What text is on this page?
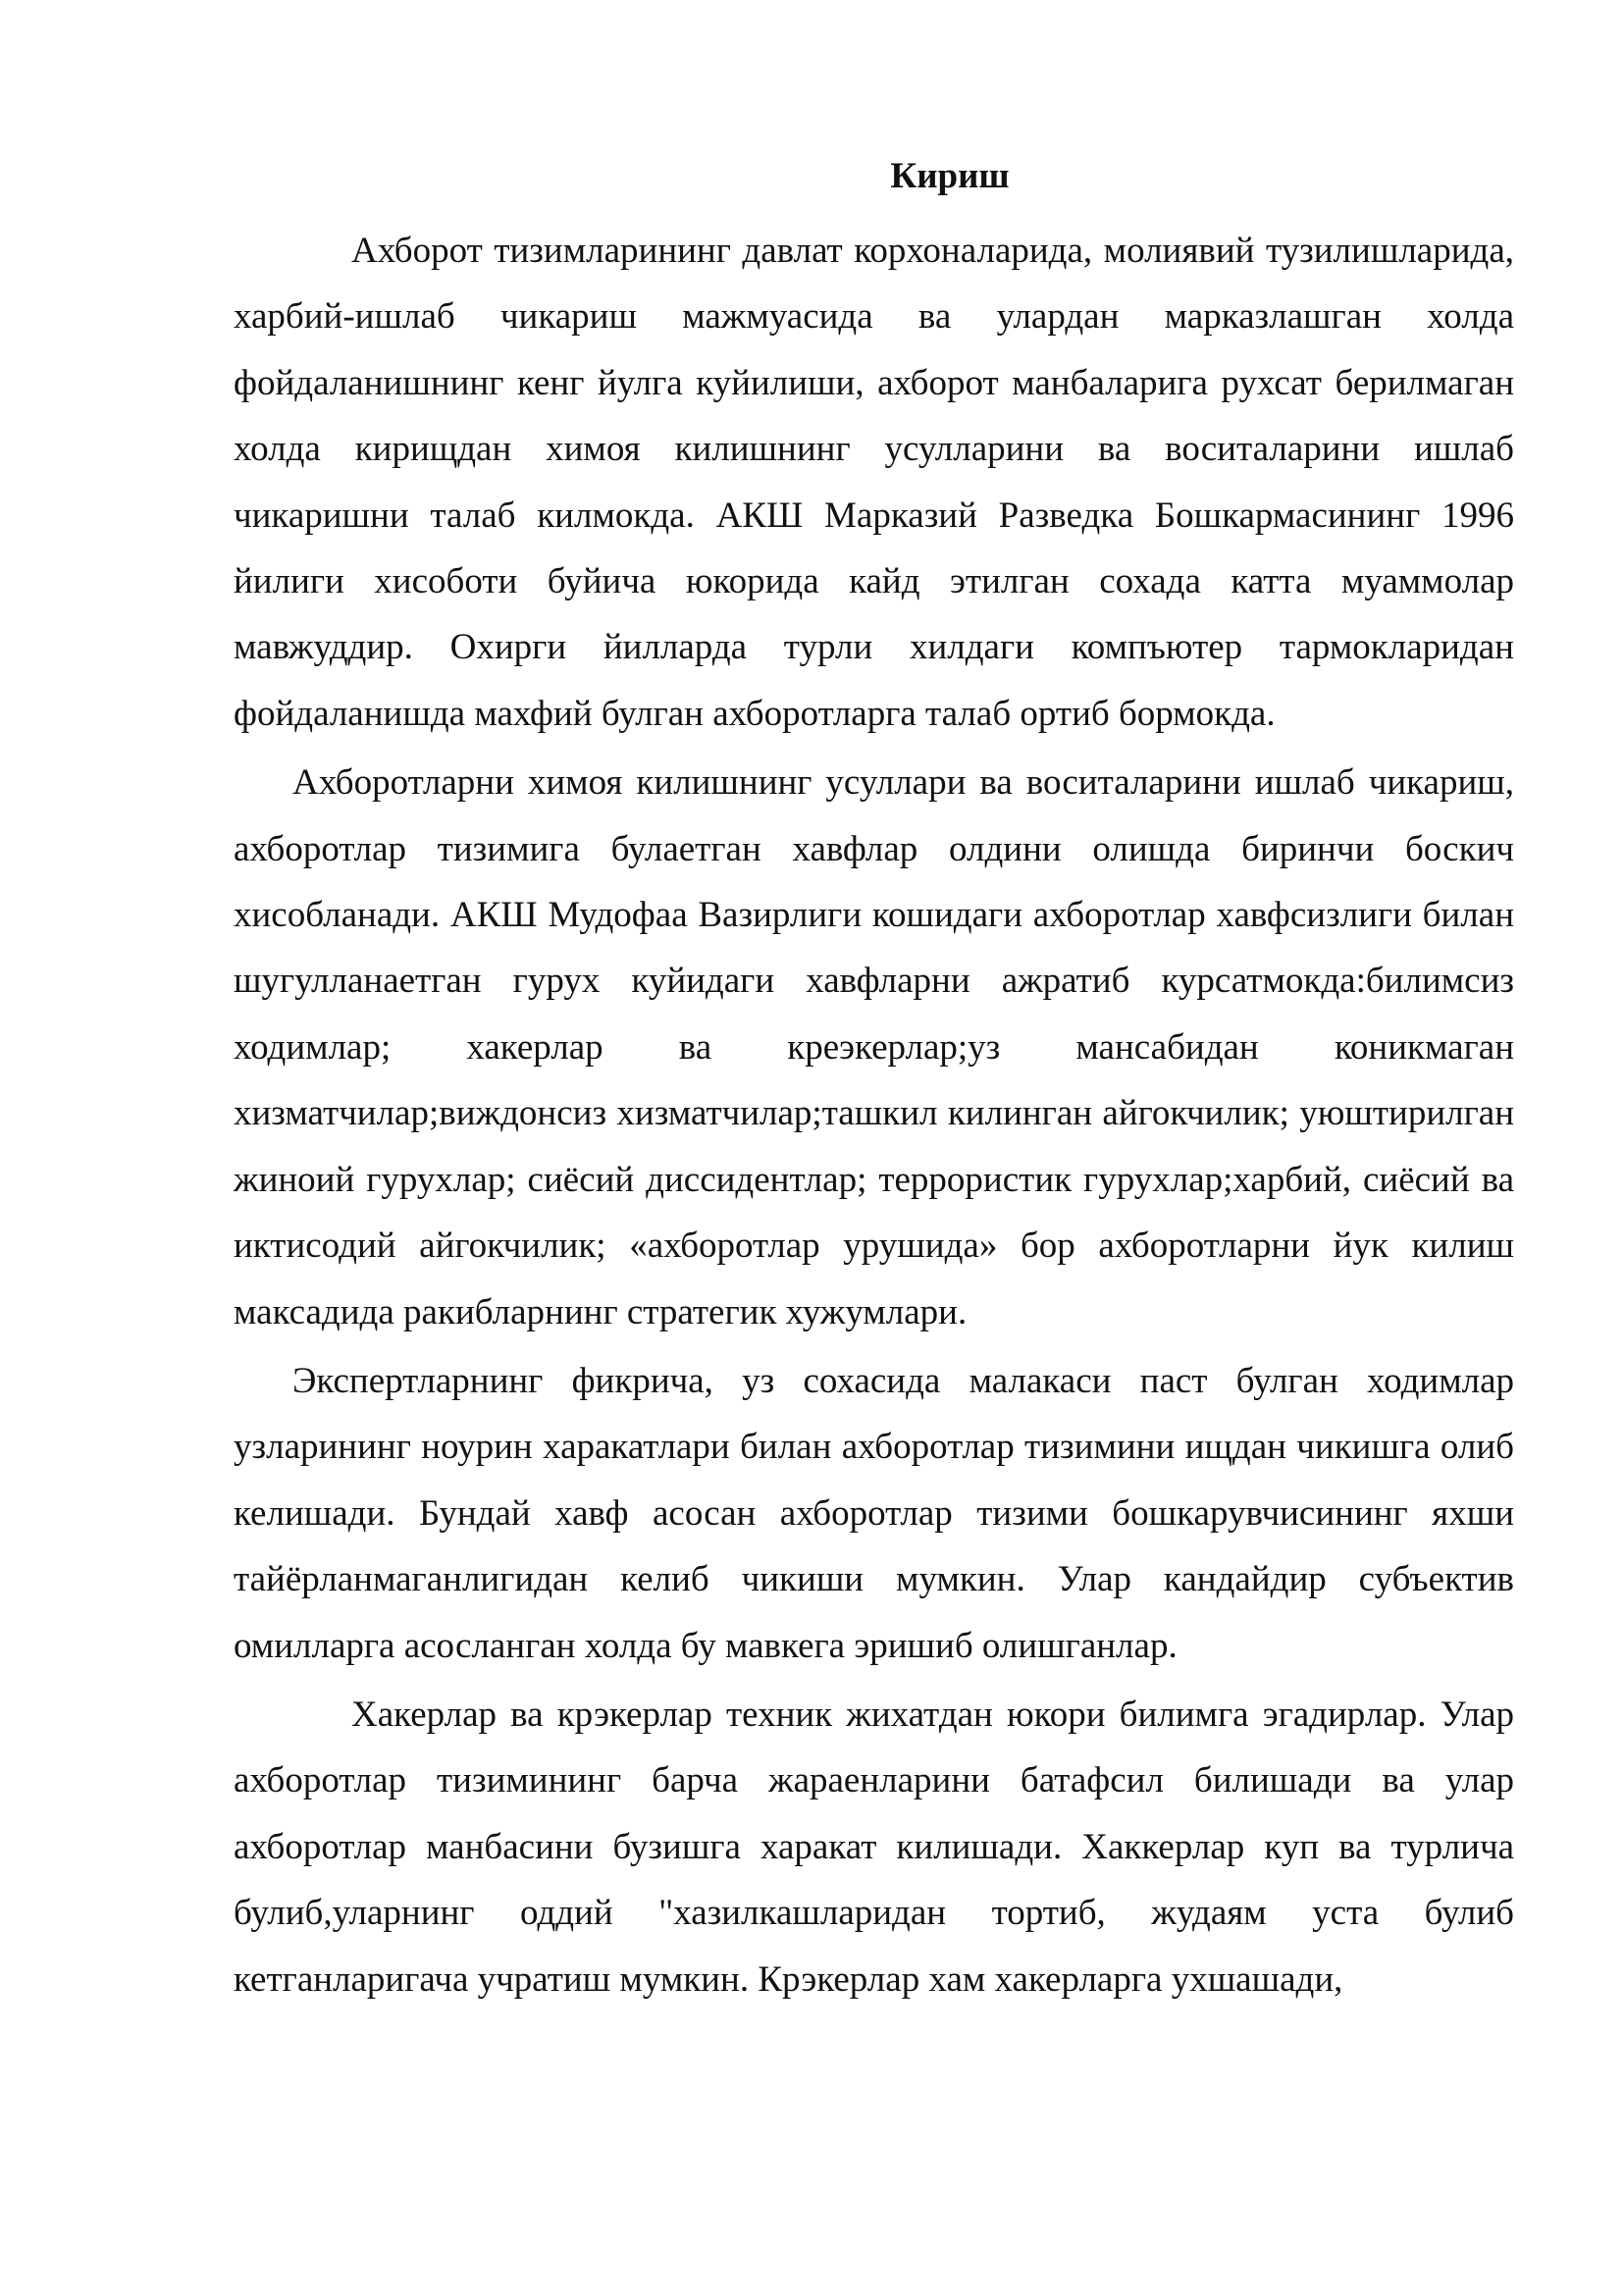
Кириш

Ахборот тизимларининг давлат корхоналарида, молиявий тузилишларида, харбий-ишлаб чикариш мажмуасида ва улардан марказлашган холда фойдаланишнинг кенг йулга куйилиши, ахборот манбаларига рухсат берилмаган холда кирищдан химоя килишнинг усулларини ва воситаларини ишлаб чикаришни талаб килмокда. АКШ Марказий Разведка Бошкармасининг 1996 йилиги хисоботи буйича юкорида кайд этилган сохада катта муаммолар мавжуддир. Охирги йилларда турли хилдаги компъютер тармокларидан фойдаланишда махфий булган ахборотларга талаб ортиб бормокда.

Ахборотларни химоя килишнинг усуллари ва воситаларини ишлаб чикариш, ахборотлар тизимига булаетган хавфлар олдини олишда биринчи боскич хисобланади. АКШ Мудофаа Вазирлиги кошидаги ахборотлар хавфсизлиги билан шугулланаетган гурух куйидаги хавфларни ажратиб курсатмокда:билимсиз ходимлар; хакерлар ва креэкерлар;уз мансабидан коникмаган хизматчилар;виждонсиз хизматчилар;ташкил килинган айгокчилик; уюштирилган жиноий гурухлар; сиёсий диссидентлар; террористик гурухлар;харбий, сиёсий ва иктисодий айгокчилик; «ахборотлар урушида» бор ахборотларни йук килиш максадида ракибларнинг стратегик хужумлари.

Экспертларнинг фикрича, уз сохасида малакаси паст булган ходимлар узларининг ноурин харакатлари билан ахборотлар тизимини ищдан чикишга олиб келишади. Бундай хавф асосан ахборотлар тизими бошкарувчисининг яхши тайёрланмаганлигидан келиб чикиши мумкин. Улар кандайдир субъектив омилларга асосланган холда бу мавкега эришиб олишганлар.

Хакерлар ва крэкерлар техник жихатдан юкори билимга эгадирлар. Улар ахборотлар тизимининг барча жараенларини батафсил билишади ва улар ахборотлар манбасини бузишга харакат килишади. Хаккерлар куп ва турлича булиб,уларнинг оддий "хазилкашларидан тортиб, жудаям уста булиб кетганларигача учратиш мумкин. Крэкерлар хам хакерларга ухшашади,
